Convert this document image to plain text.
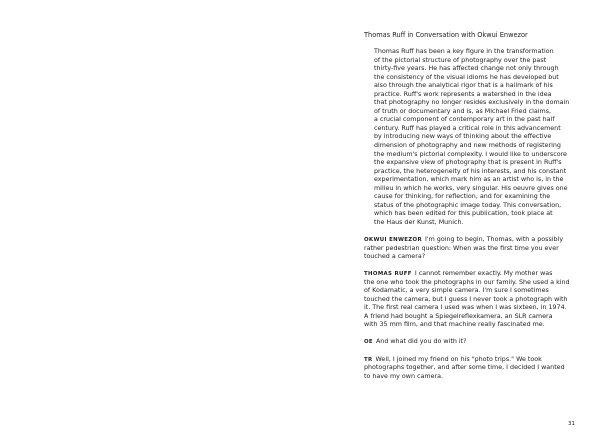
Thomas Ruff in Conversation with Okwui Enwezor
Thomas Ruff has been a key figure in the transformation
of the pictorial structure of photography over the past
thirty-five years. He has affected change not only through
the consistency of the visual idioms he has developed but
also through the analytical rigor that is a hallmark of his
practice. Ruff's work represents a watershed in the idea
that photography no longer resides exclusively in the domain
of truth or documentary and is, as Michael Fried claims,
a crucial component of contemporary art in the past half
century. Ruff has played a critical role in this advancement
by introducing new ways of thinking about the effective
dimension of photography and new methods of registering
the medium's pictorial complexity. I would like to underscore
the expansive view of photography that is present in Ruff's
practice, the heterogeneity of his interests, and his constant
experimentation, which mark him as an artist who is, in the
milieu in which he works, very singular. His oeuvre gives one
cause for thinking, for reflection, and for examining the
status of the photographic image today. This conversation,
which has been edited for this publication, took place at
the Haus der Kunst, Munich.
OKWUI ENWEZOR I'm going to begin, Thomas, with a possibly
rather pedestrian question: When was the first time you ever
touched a camera?
THOMAS RUFF I cannot remember exactly. My mother was
the one who took the photographs in our family. She used a kind
of Kodamatic, a very simple camera. I'm sure I sometimes
touched the camera, but I guess I never took a photograph with
it. The first real camera I used was when I was sixteen, in 1974.
A friend had bought a Spiegelreflexkamera, an SLR camera
with 35 mm film, and that machine really fascinated me.
OE And what did you do with it?
TR Well, I joined my friend on his "photo trips." We took
photographs together, and after some time, I decided I wanted
to have my own camera.
31
